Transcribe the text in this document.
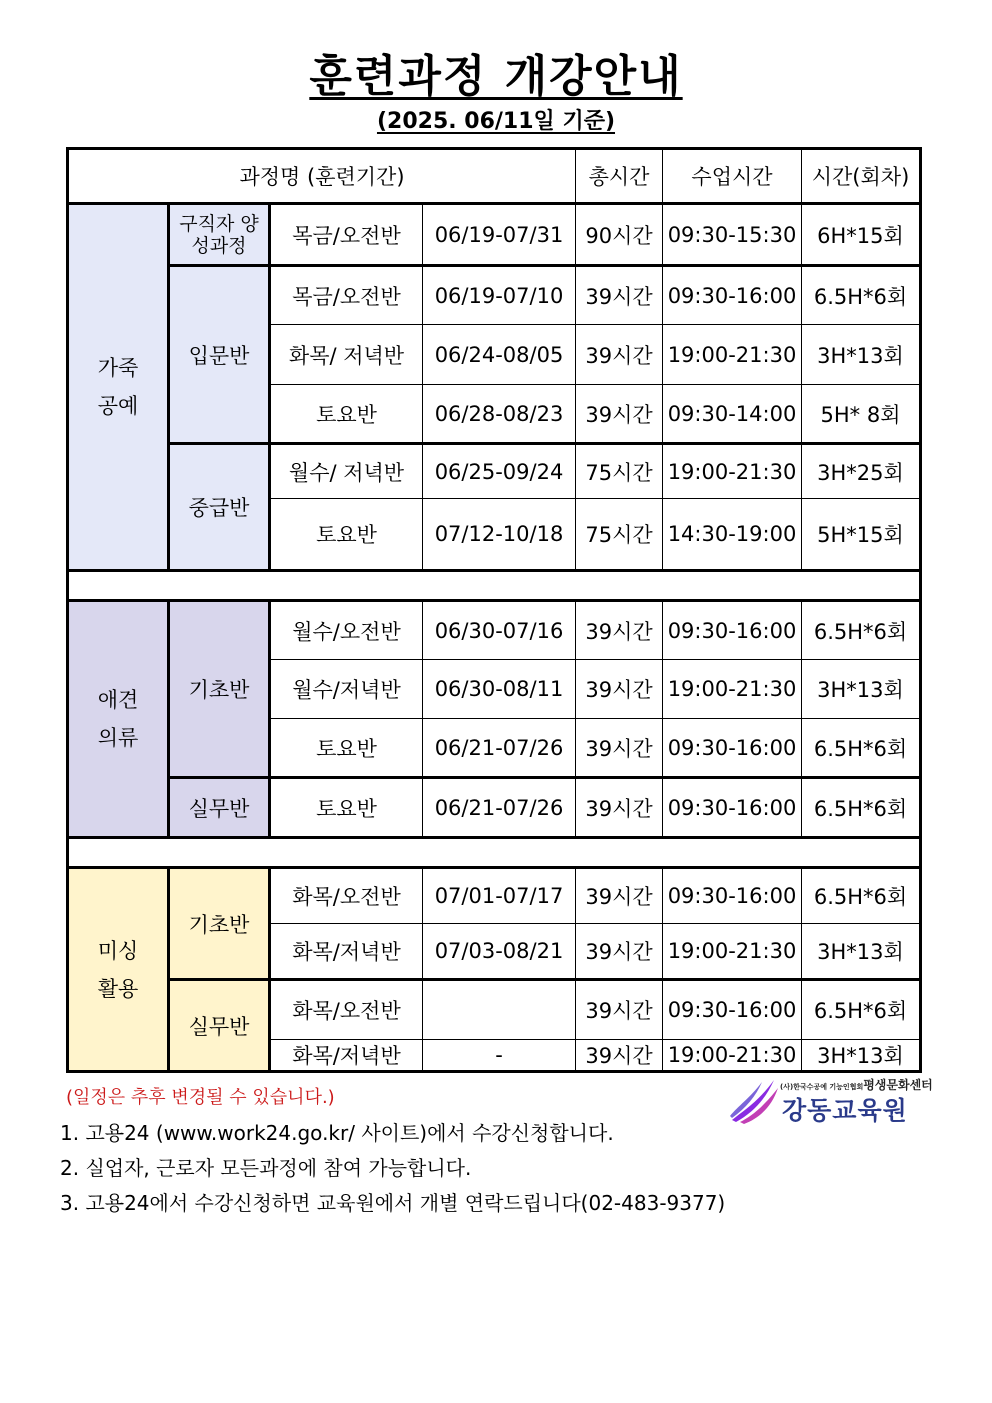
훈련과정 개강안내
(2025. 06/11일 기준)
과정명 (훈련기간)				총시간	수업시간	시간(회차)

가죽 공예	구직자 양성과정	목금/오전반	06/19-07/31	90시간	09:30-15:30	6H*15회
	입문반	목금/오전반	06/19-07/10	39시간	09:30-16:00	6.5H*6회
		화목/ 저녁반	06/24-08/05	39시간	19:00-21:30	3H*13회
		토요반	06/28-08/23	39시간	09:30-14:00	5H* 8회
	중급반	월수/ 저녁반	06/25-09/24	75시간	19:00-21:30	3H*25회
		토요반	07/12-10/18	75시간	14:30-19:00	5H*15회

애견 의류	기초반	월수/오전반	06/30-07/16	39시간	09:30-16:00	6.5H*6회
		월수/저녁반	06/30-08/11	39시간	19:00-21:30	3H*13회
		토요반	06/21-07/26	39시간	09:30-16:00	6.5H*6회
	실무반	토요반	06/21-07/26	39시간	09:30-16:00	6.5H*6회

미싱 활용	기초반	화목/오전반	07/01-07/17	39시간	09:30-16:00	6.5H*6회
		화목/저녁반	07/03-08/21	39시간	19:00-21:30	3H*13회
	실무반	화목/오전반		39시간	09:30-16:00	6.5H*6회
		화목/저녁반	-	39시간	19:00-21:30	3H*13회
(일정은 추후 변경될 수 있습니다.)	(사)한국수공예 기능인협회평생문화센터
강동교육원
1. 고용24 (www.work24.go.kr/ 사이트)에서 수강신청합니다.
2. 실업자, 근로자 모든과정에 참여 가능합니다.
3. 고용24에서 수강신청하면 교육원에서 개별 연락드립니다(02-483-9377)
